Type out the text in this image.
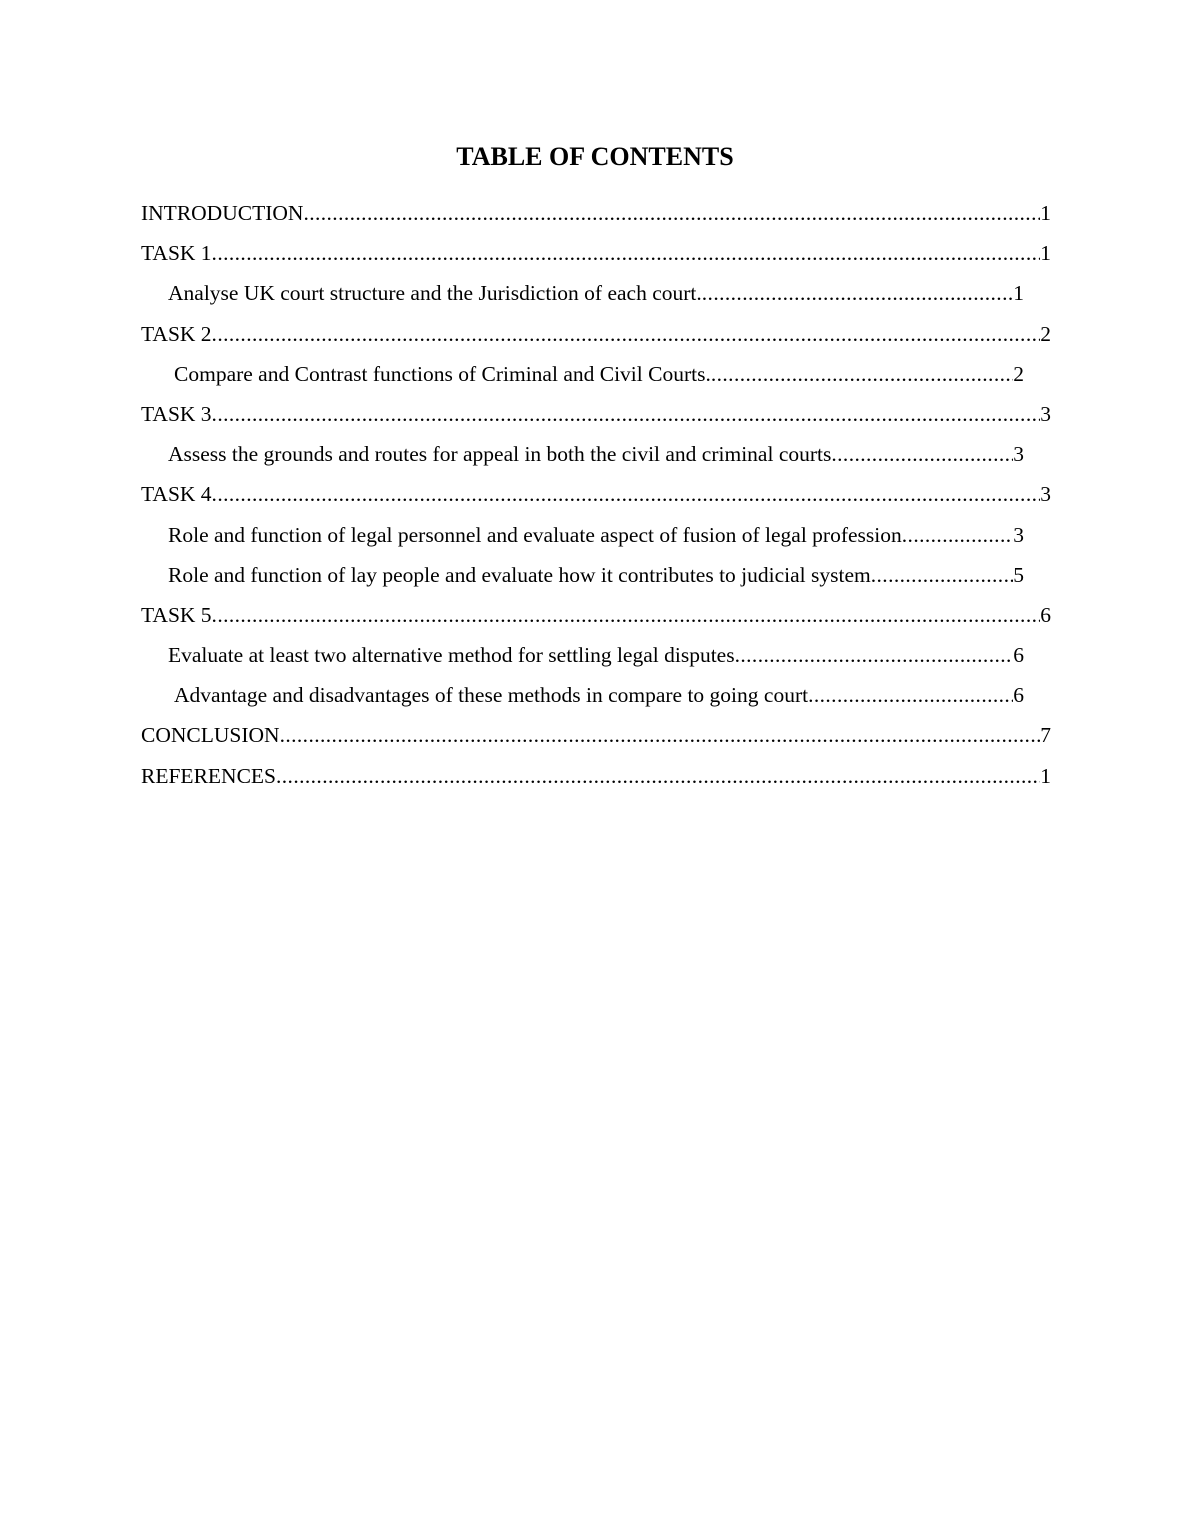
TABLE OF CONTENTS
INTRODUCTION .....	1
TASK 1 .....	1
Analyse UK court structure and the Jurisdiction of each court. .....	1
TASK 2 .....	2
Compare and Contrast functions of Criminal and Civil Courts. .....	2
TASK 3 .....	3
Assess the grounds and routes for appeal in both the civil and criminal courts .....	3
TASK 4 .....	3
Role and function of legal personnel and evaluate aspect of fusion of legal profession .....	3
Role and function of lay people and evaluate how it contributes to judicial system .....	5
TASK 5 .....	6
Evaluate at least two alternative method for settling legal disputes .....	6
Advantage and disadvantages of these methods in compare to going court .....	6
CONCLUSION .....	7
REFERENCES .....	1
